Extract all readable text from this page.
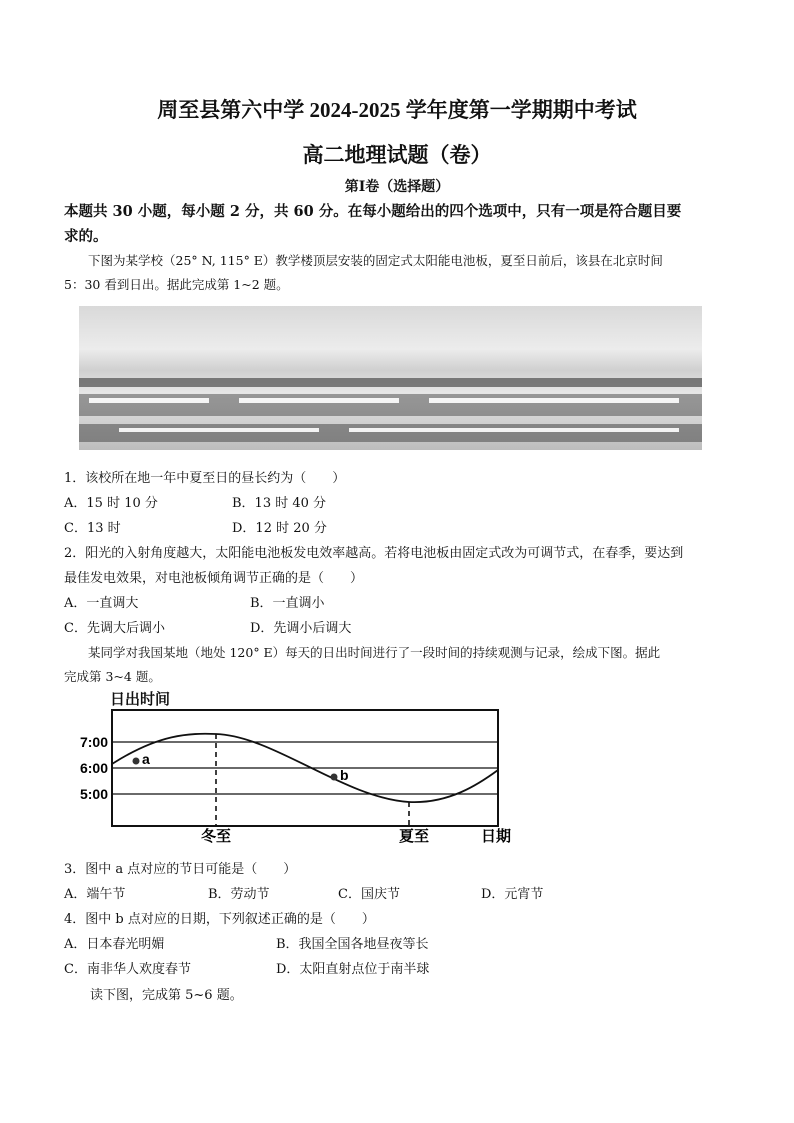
周至县第六中学 2024-2025 学年度第一学期期中考试
高二地理试题（卷）
第Ⅰ卷（选择题）
本题共 30 小题，每小题 2 分，共 60 分。在每小题给出的四个选项中，只有一项是符合题目要
求的。
下图为某学校（25° N, 115° E）教学楼顶层安装的固定式太阳能电池板，夏至日前后，该县在北京时间
5：30 看到日出。据此完成第 1~2 题。
1．该校所在地一年中夏至日的昼长约为（　　）
A．15 时 10 分	B．13 时 40 分
C．13 时	D．12 时 20 分
2．阳光的入射角度越大，太阳能电池板发电效率越高。若将电池板由固定式改为可调节式，在春季，要达到
最佳发电效果，对电池板倾角调节正确的是（　　）
A．一直调大	B．一直调小
C．先调大后调小	D．先调小后调大
某同学对我国某地（地处 120° E）每天的日出时间进行了一段时间的持续观测与记录，绘成下图。据此
完成第 3~4 题。
日出时间
7:00
6:00
5:00
a
b
冬至	夏至	日期
3．图中 a 点对应的节日可能是（　　）
A．端午节	B．劳动节	C．国庆节	D．元宵节
4．图中 b 点对应的日期，下列叙述正确的是（　　）
A．日本春光明媚	B．我国全国各地昼夜等长
C．南非华人欢度春节	D．太阳直射点位于南半球
读下图，完成第 5~6 题。
